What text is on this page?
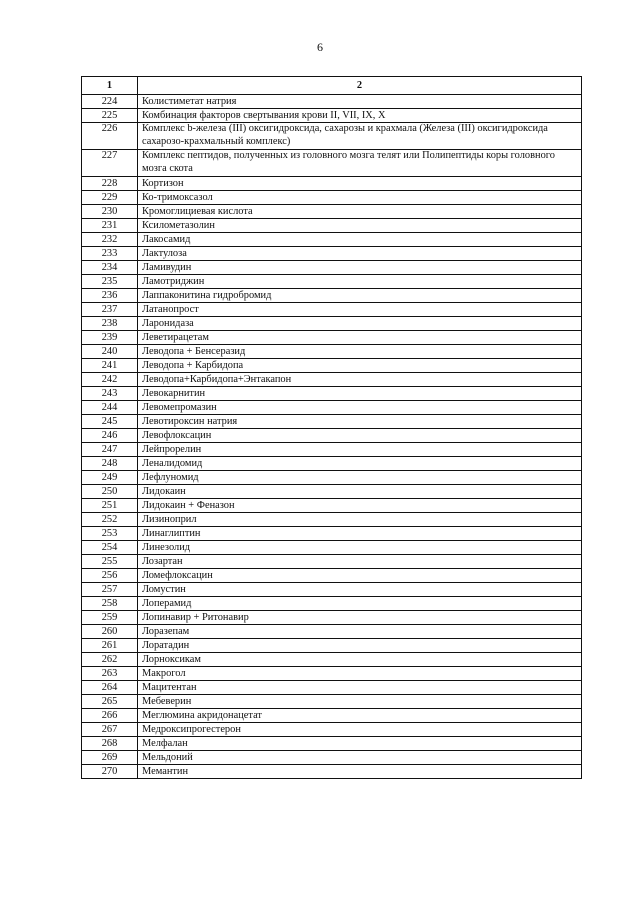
6
1	2
224	Колистиметат натрия
225	Комбинация факторов свертывания крови II, VII, IX, X
226	Комплекс b-железа (III) оксигидроксида, сахарозы и крахмала (Железа (III) оксигидроксида сахарозо-крахмальный комплекс)
227	Комплекс пептидов, полученных из головного мозга телят или Полипептиды коры головного мозга скота
228	Кортизон
229	Ко-тримоксазол
230	Кромоглициевая кислота
231	Ксилометазолин
232	Лакосамид
233	Лактулоза
234	Ламивудин
235	Ламотриджин
236	Лаппаконитина гидробромид
237	Латанопрост
238	Ларонидаза
239	Леветирацетам
240	Леводопа + Бенсеразид
241	Леводопа + Карбидопа
242	Леводопа+Карбидопа+Энтакапон
243	Левокарнитин
244	Левомепромазин
245	Левотироксин натрия
246	Левофлоксацин
247	Лейпрорелин
248	Леналидомид
249	Лефлуномид
250	Лидокаин
251	Лидокаин + Феназон
252	Лизиноприл
253	Линаглиптин
254	Линезолид
255	Лозартан
256	Ломефлоксацин
257	Ломустин
258	Лоперамид
259	Лопинавир + Ритонавир
260	Лоразепам
261	Лоратадин
262	Лорноксикам
263	Макрогол
264	Мацитентан
265	Мебеверин
266	Меглюмина акридонацетат
267	Медроксипрогестерон
268	Мелфалан
269	Мельдоний
270	Мемантин
